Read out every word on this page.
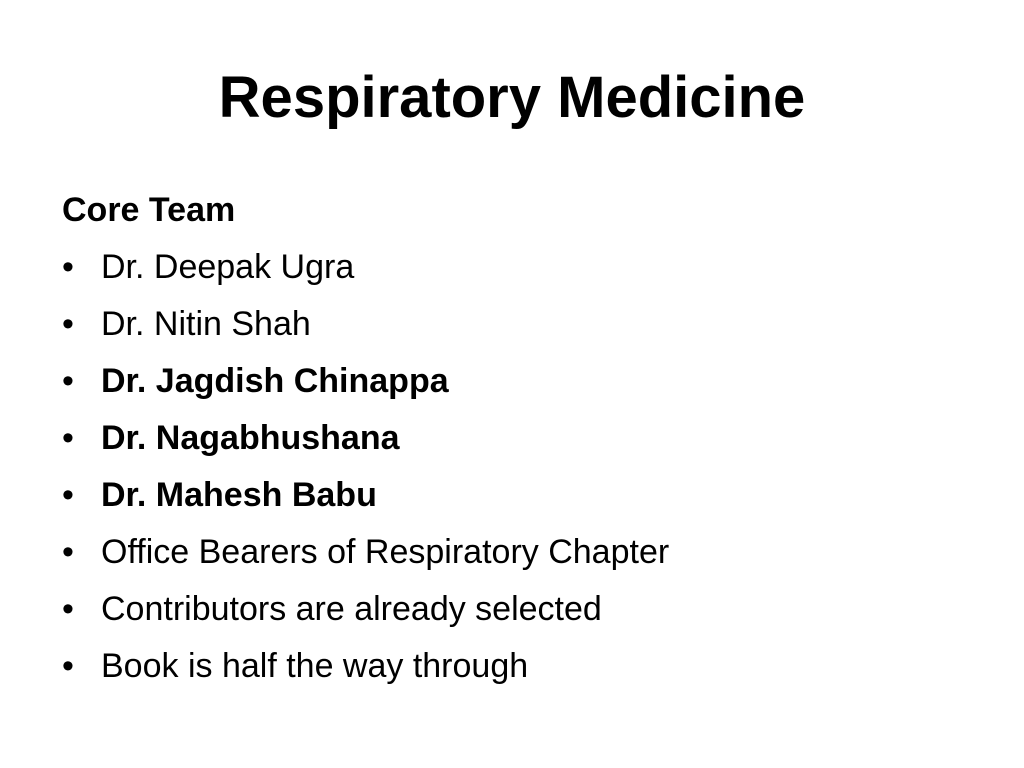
Respiratory Medicine
Core Team
• Dr. Deepak Ugra
• Dr. Nitin Shah
• Dr. Jagdish Chinappa
• Dr. Nagabhushana
• Dr. Mahesh Babu
• Office Bearers of Respiratory Chapter
• Contributors are already selected
• Book is half the way through
